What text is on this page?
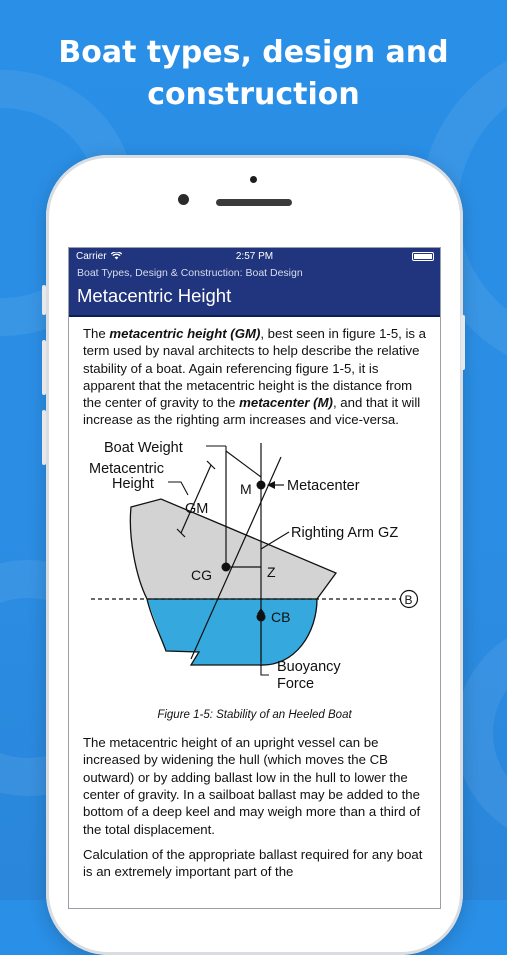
Boat types, design and
construction
Carrier	2:57 PM
Boat Types, Design & Construction: Boat Design
Metacentric Height

The metacentric height (GM), best seen in figure 1-5, is a term used by naval architects to help describe the relative stability of a boat. Again referencing figure 1-5, it is apparent that the metacentric height is the distance from the center of gravity to the metacenter (M), and that it will increase as the righting arm increases and vice-versa.

Boat Weight
Metacentric
Height
GM
M Metacenter
Righting Arm GZ
CG	Z
B
CB
Buoyancy
Force

Figure 1-5: Stability of an Heeled Boat

The metacentric height of an upright vessel can be increased by widening the hull (which moves the CB outward) or by adding ballast low in the hull to lower the center of gravity. In a sailboat ballast may be added to the bottom of a deep keel and may weigh more than a third of the total displacement.

Calculation of the appropriate ballast required for any boat is an extremely important part of the
